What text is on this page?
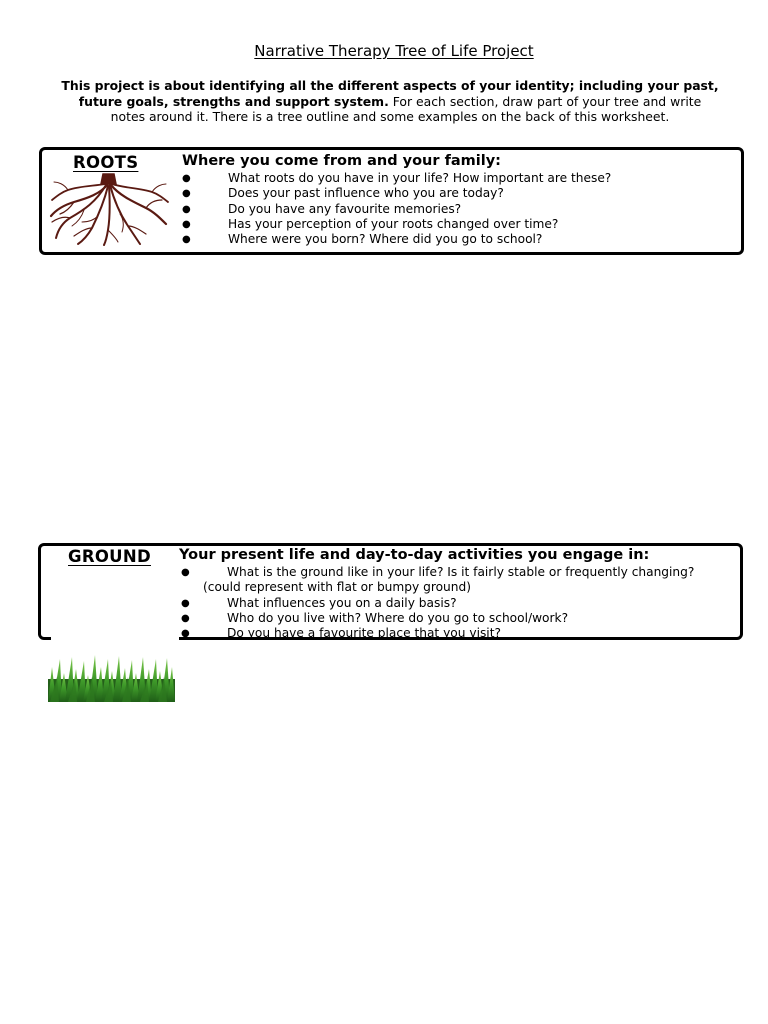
Narrative Therapy Tree of Life Project
This project is about identifying all the different aspects of your identity; including your past, future goals, strengths and support system. For each section, draw part of your tree and write notes around it. There is a tree outline and some examples on the back of this worksheet.
ROOTS	Where you come from and your family:
●	What roots do you have in your life? How important are these?
●	Does your past influence who you are today?
●	Do you have any favourite memories?
●	Has your perception of your roots changed over time?
●	Where were you born? Where did you go to school?
GROUND Your present life and day-to-day activities you engage in:
●	What is the ground like in your life? Is it fairly stable or frequently changing?
(could represent with flat or bumpy ground)
●	What influences you on a daily basis?
●	Who do you live with? Where do you go to school/work?
●	Do you have a favourite place that you visit?
